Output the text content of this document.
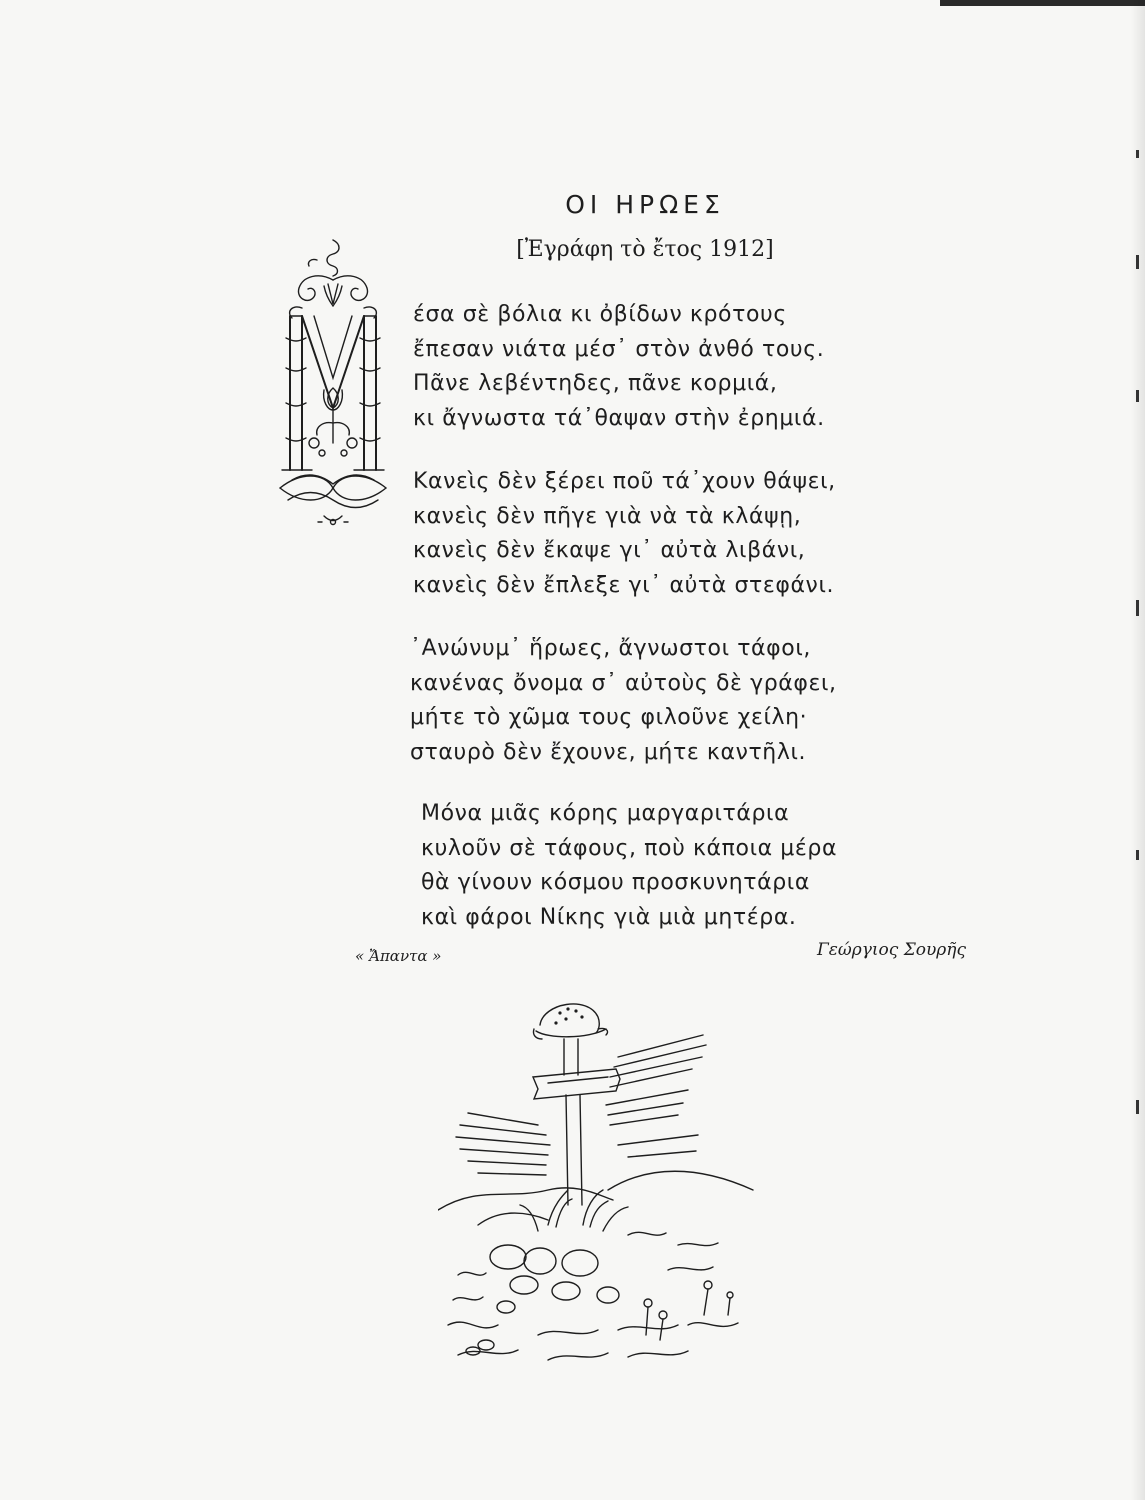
ΟΙ ΗΡΩΕΣ
[Ἐγράφη τὸ ἔτος 1912]
έσα σὲ βόλια κι ὀβίδων κρότους
ἔπεσαν νιάτα μέσ᾽ στὸν ἀνθό τους.
Πᾶνε λεβέντηδες, πᾶνε κορμιά,
κι ἄγνωστα τά᾽θαψαν στὴν ἐρημιά.
Κανεὶς δὲν ξέρει ποῦ τά᾽χουν θάψει,
κανεὶς δὲν πῆγε γιὰ νὰ τὰ κλάψῃ,
κανεὶς δὲν ἔκαψε γι᾽ αὐτὰ λιβάνι,
κανεὶς δὲν ἔπλεξε γι᾽ αὐτὰ στεφάνι.
᾽Ανώνυμ᾽ ἥρωες, ἄγνωστοι τάφοι,
κανένας ὄνομα σ᾽ αὐτοὺς δὲ γράφει,
μήτε τὸ χῶμα τους φιλοῦνε χείλη·
σταυρὸ δὲν ἔχουνε, μήτε καντῆλι.
Μόνα μιᾶς κόρης μαργαριτάρια
κυλοῦν σὲ τάφους, ποὺ κάποια μέρα
θὰ γίνουν κόσμου προσκυνητάρια
καὶ φάροι Νίκης γιὰ μιὰ μητέρα.
« Ἄπαντα »	Γεώργιος Σουρῆς
